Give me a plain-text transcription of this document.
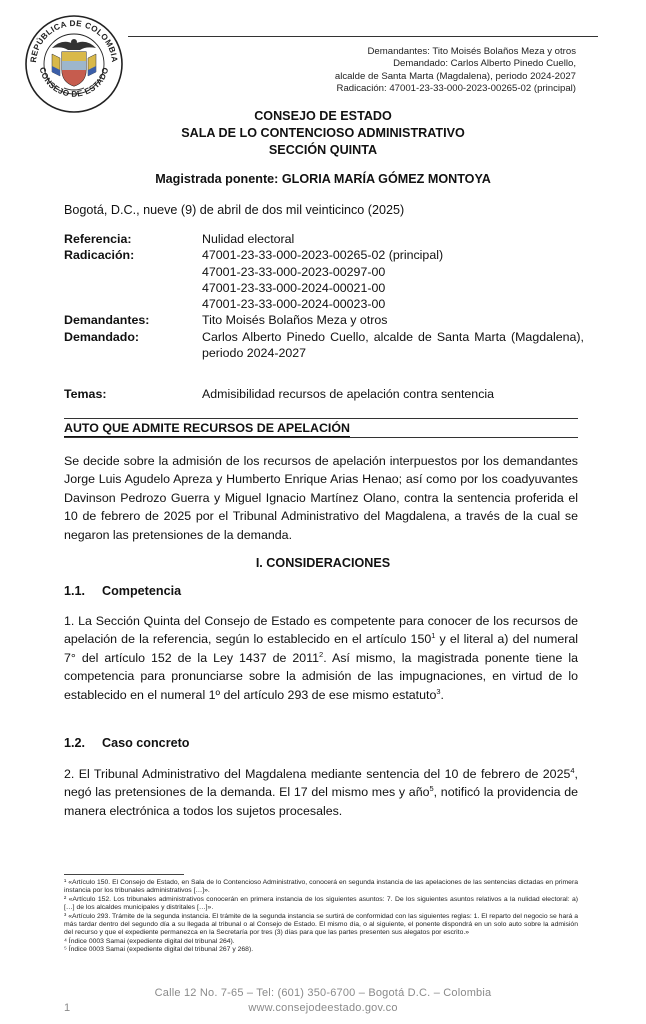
REPÚBLICA DE COLOMBIA
CONSEJO DE ESTADO
Demandantes: Tito Moisés Bolaños Meza y otros
Demandado: Carlos Alberto Pinedo Cuello,
alcalde de Santa Marta (Magdalena), periodo 2024-2027
Radicación: 47001-23-33-000-2023-00265-02 (principal)
CONSEJO DE ESTADO
SALA DE LO CONTENCIOSO ADMINISTRATIVO
SECCIÓN QUINTA
Magistrada ponente: GLORIA MARÍA GÓMEZ MONTOYA
Bogotá, D.C., nueve (9) de abril de dos mil veinticinco (2025)
Referencia:	Nulidad electoral
Radicación:	47001-23-33-000-2023-00265-02 (principal)
47001-23-33-000-2023-00297-00
47001-23-33-000-2024-00021-00
47001-23-33-000-2024-00023-00
Demandantes:	Tito Moisés Bolaños Meza y otros
Demandado:	Carlos Alberto Pinedo Cuello, alcalde de Santa Marta (Magdalena), periodo 2024-2027
Temas:	Admisibilidad recursos de apelación contra sentencia
AUTO QUE ADMITE RECURSOS DE APELACIÓN
Se decide sobre la admisión de los recursos de apelación interpuestos por los demandantes Jorge Luis Agudelo Apreza y Humberto Enrique Arias Henao; así como por los coadyuvantes Davinson Pedrozo Guerra y Miguel Ignacio Martínez Olano, contra la sentencia proferida el 10 de febrero de 2025 por el Tribunal Administrativo del Magdalena, a través de la cual se negaron las pretensiones de la demanda.
I. CONSIDERACIONES
1.1. Competencia
1. La Sección Quinta del Consejo de Estado es competente para conocer de los recursos de apelación de la referencia, según lo establecido en el artículo $150^1$ y el literal a) del numeral 7° del artículo 152 de la Ley 1437 de 2011$^2$. Así mismo, la magistrada ponente tiene la competencia para pronunciarse sobre la admisión de las impugnaciones, en virtud de lo establecido en el numeral 1º del artículo 293 de ese mismo estatuto$^3$.
1.2. Caso concreto
2. El Tribunal Administrativo del Magdalena mediante sentencia del 10 de febrero de 2025$^4$, negó las pretensiones de la demanda. El 17 del mismo mes y año$^5$, notificó la providencia de manera electrónica a todos los sujetos procesales.

¹ «Artículo 150. El Consejo de Estado, en Sala de lo Contencioso Administrativo, conocerá en segunda instancia de las apelaciones de las sentencias dictadas en primera instancia por los tribunales administrativos […]».

² «Artículo 152. Los tribunales administrativos conocerán en primera instancia de los siguientes asuntos: 7. De los siguientes asuntos relativos a la nulidad electoral: a) […] de los alcaldes municipales y distritales […]».

³ «Artículo 293. Trámite de la segunda instancia. El trámite de la segunda instancia se surtirá de conformidad con las siguientes reglas: 1. El reparto del negocio se hará a más tardar dentro del segundo día a su llegada al tribunal o al Consejo de Estado. El mismo día, o al siguiente, el ponente dispondrá en un solo auto sobre la admisión del recurso y que el expediente permanezca en la Secretaría por tres (3) días para que las partes presenten sus alegatos por escrito.»

⁴ Índice 0003 Samai (expediente digital del tribunal 264).

⁵ Índice 0003 Samai (expediente digital del tribunal 267 y 268).

Calle 12 No. 7-65 – Tel: (601) 350-6700 – Bogotá D.C. – Colombia
1	www.consejodeestado.gov.co
